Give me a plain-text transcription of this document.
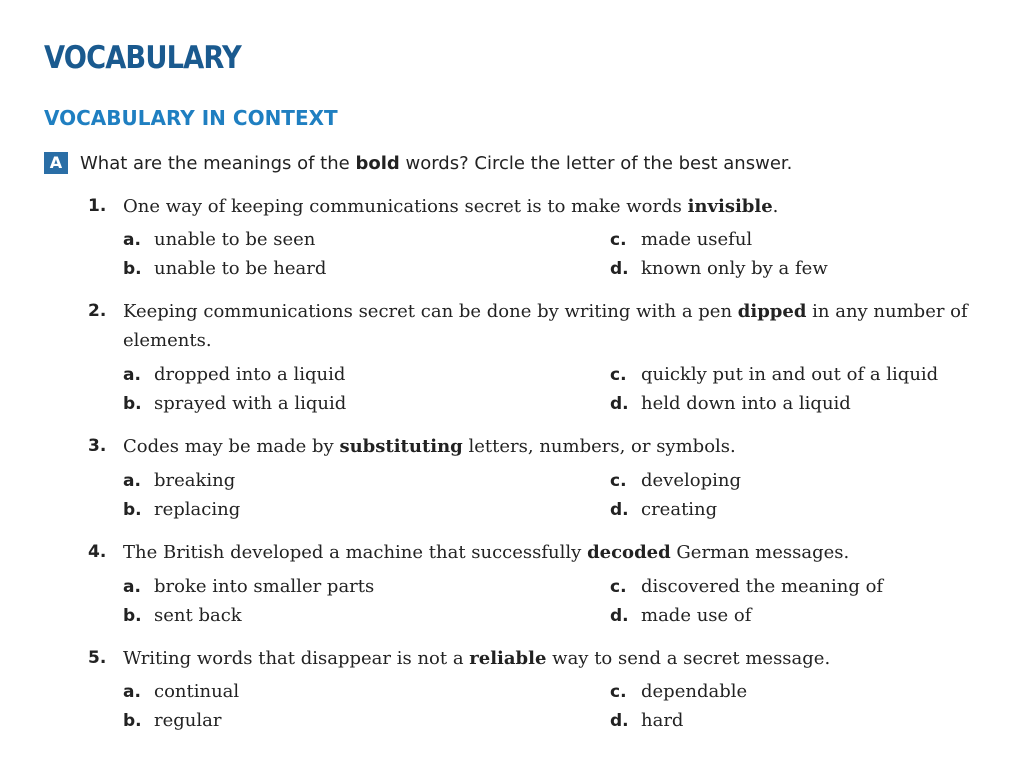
VOCABULARY
VOCABULARY IN CONTEXT
A What are the meanings of the bold words? Circle the letter of the best answer.
1. One way of keeping communications secret is to make words invisible.
a. unable to be seen
b. unable to be heard
c. made useful
d. known only by a few
2. Keeping communications secret can be done by writing with a pen dipped in any number of elements.
a. dropped into a liquid
b. sprayed with a liquid
c. quickly put in and out of a liquid
d. held down into a liquid
3. Codes may be made by substituting letters, numbers, or symbols.
a. breaking
b. replacing
c. developing
d. creating
4. The British developed a machine that successfully decoded German messages.
a. broke into smaller parts
b. sent back
c. discovered the meaning of
d. made use of
5. Writing words that disappear is not a reliable way to send a secret message.
a. continual
b. regular
c. dependable
d. hard
